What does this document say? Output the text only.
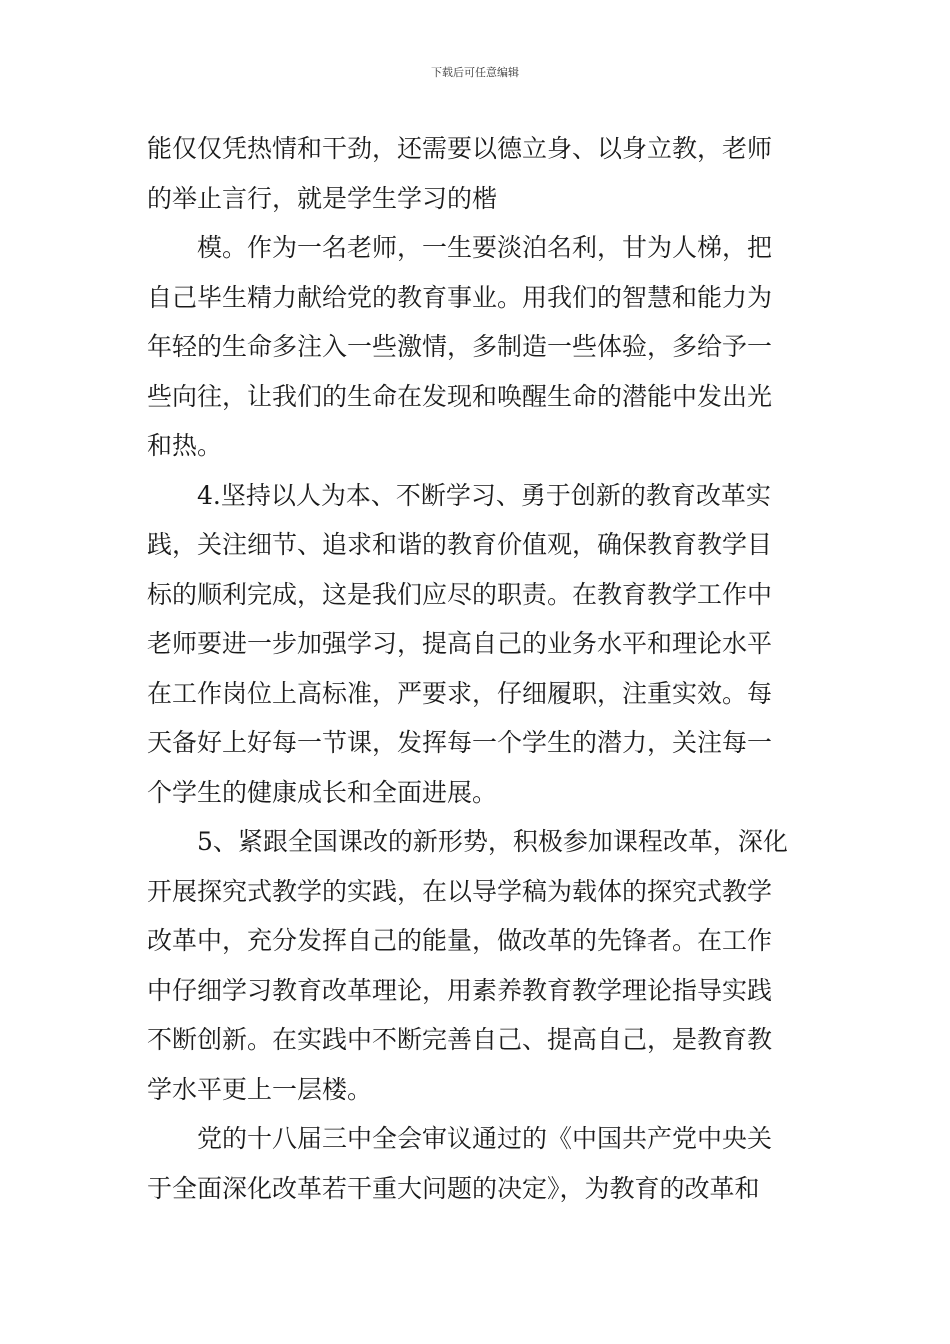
下载后可任意编辑
能仅仅凭热情和干劲，还需要以德立身、以身立教，老师
的举止言行，就是学生学习的楷
模。作为一名老师，一生要淡泊名利，甘为人梯，把
自己毕生精力献给党的教育事业。用我们的智慧和能力为
年轻的生命多注入一些激情，多制造一些体验，多给予一
些向往，让我们的生命在发现和唤醒生命的潜能中发出光
和热。
4.坚持以人为本、不断学习、勇于创新的教育改革实
践，关注细节、追求和谐的教育价值观，确保教育教学目
标的顺利完成，这是我们应尽的职责。在教育教学工作中
老师要进一步加强学习，提高自己的业务水平和理论水平
在工作岗位上高标准，严要求，仔细履职，注重实效。每
天备好上好每一节课，发挥每一个学生的潜力，关注每一
个学生的健康成长和全面进展。
5、紧跟全国课改的新形势，积极参加课程改革，深化
开展探究式教学的实践，在以导学稿为载体的探究式教学
改革中，充分发挥自己的能量，做改革的先锋者。在工作
中仔细学习教育改革理论，用素养教育教学理论指导实践
不断创新。在实践中不断完善自己、提高自己，是教育教
学水平更上一层楼。
党的十八届三中全会审议通过的《中国共产党中央关
于全面深化改革若干重大问题的决定》，为教育的改革和
